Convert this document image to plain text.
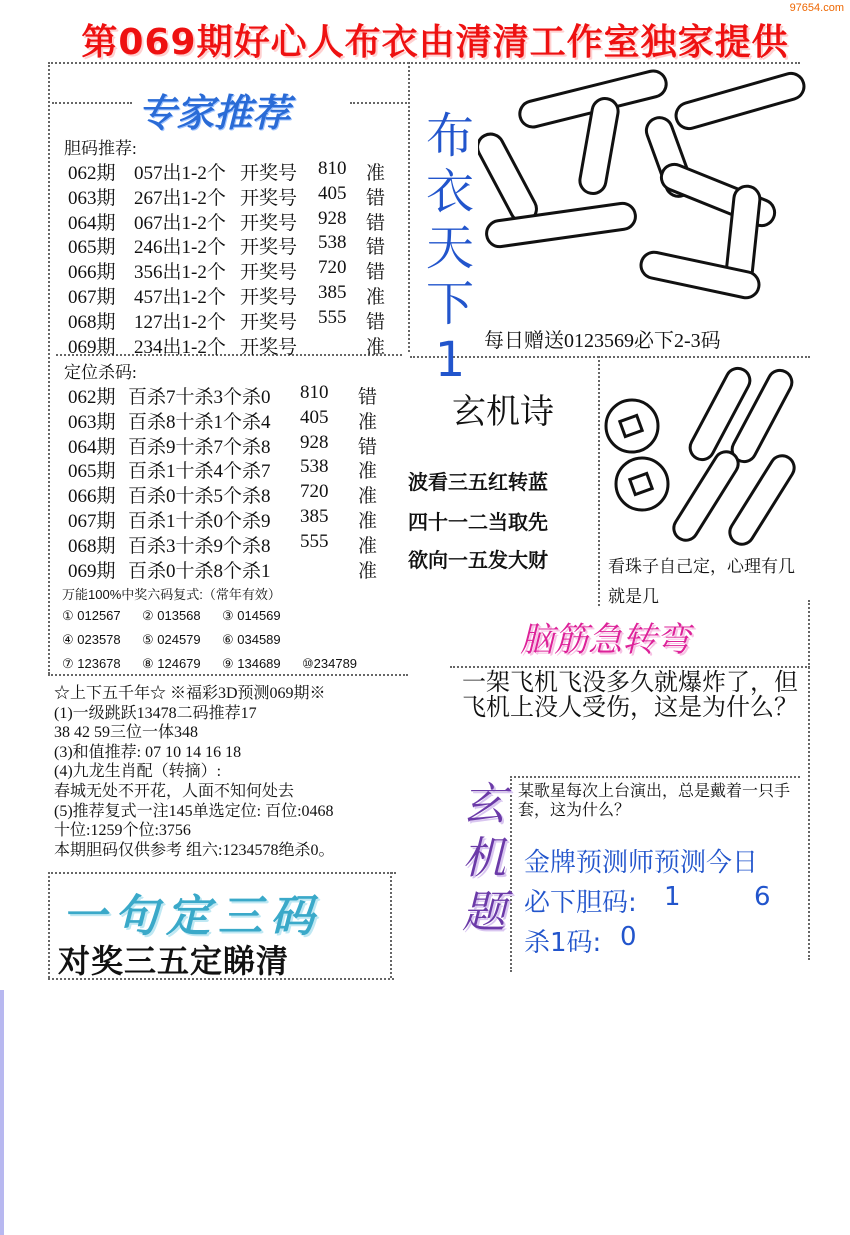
97654.com
第069期好心人布衣由清清工作室独家提供
专家推荐
胆码推荐:
062期 057出1-2个 开奖号 810 准
063期 267出1-2个 开奖号 405 错
064期 067出1-2个 开奖号 928 错
065期 246出1-2个 开奖号 538 错
066期 356出1-2个 开奖号 720 错
067期 457出1-2个 开奖号 385 准
068期 127出1-2个 开奖号 555 错
069期 234出1-2个 开奖号	准
定位杀码:
062期 百杀7十杀3个杀0 810 错
063期 百杀8十杀1个杀4 405 准
064期 百杀9十杀7个杀8 928 错
065期 百杀1十杀4个杀7 538 准
066期 百杀0十杀5个杀8 720 准
067期 百杀1十杀0个杀9 385 准
068期 百杀3十杀9个杀8 555 准
069期 百杀0十杀8个杀1	准
万能100%中奖六码复式:（常年有效）
① 012567 ② 013568 ③ 014569
④ 023578 ⑤ 024579 ⑥ 034589
⑦ 123678 ⑧ 124679 ⑨ 134689 ⑩234789
☆上下五千年☆ ※福彩3D预测069期※
(1)一级跳跃13478二码推荐17
38 42 59三位一体348
(3)和值推荐: 07 10 14 16 18
(4)九龙生肖配（转摘）:
春城无处不开花，人面不知何处去
(5)推荐复式一注145单选定位: 百位:0468
十位:1259个位:3756
本期胆码仅供参考 组六:1234578绝杀0。
一句定三码
对奖三五定睇清
布
衣
天
下
1 每日赠送0123569必下2-3码
玄机诗
波看三五红转蓝
四十一二当取先
欲向一五发大财	看珠子自己定，心理有几就是几
脑筋急转弯
一架飞机飞没多久就爆炸了，但飞机上没人受伤，这是为什么？
玄
机
题
某歌星每次上台演出，总是戴着一只手套，这为什么？
金牌预测师预测今日
必下胆码: 1	6
杀1码: 0
